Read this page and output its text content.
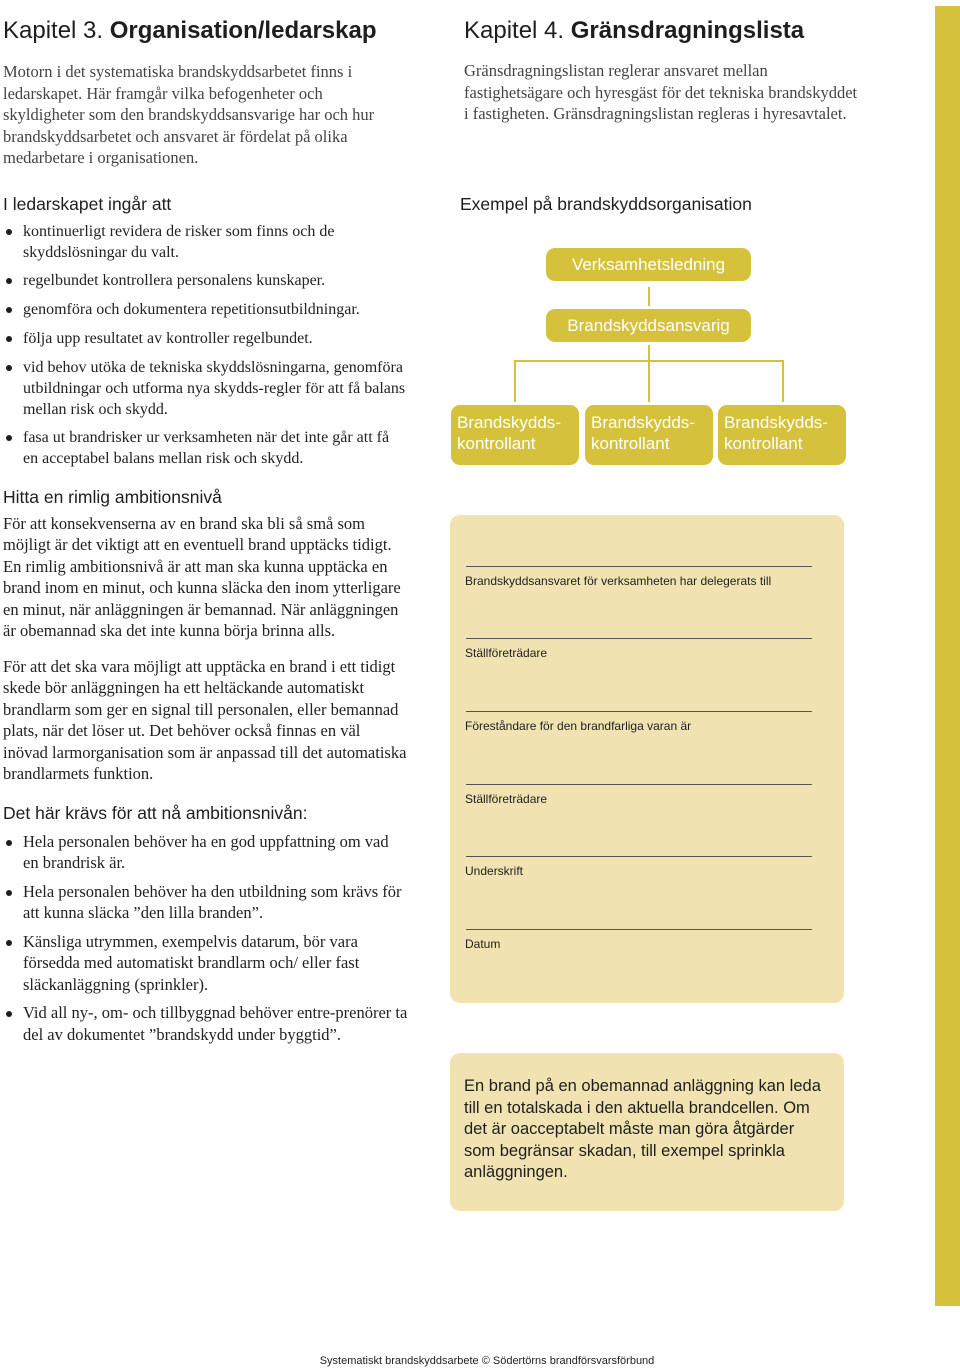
Kapitel 3. Organisation/ledarskap

Motorn i det systematiska brandskyddsarbetet finns i ledarskapet. Här framgår vilka befogenheter och skyldigheter som den brandskyddsansvarige har och hur brandskyddsarbetet och ansvaret är fördelat på olika medarbetare i organisationen.

I ledarskapet ingår att
kontinuerligt revidera de risker som finns och de skyddslösningar du valt.
regelbundet kontrollera personalens kunskaper.
genomföra och dokumentera repetitionsutbildningar.
följa upp resultatet av kontroller regelbundet.
vid behov utöka de tekniska skyddslösningarna, genomföra utbildningar och utforma nya skydds-regler för att få balans mellan risk och skydd.
fasa ut brandrisker ur verksamheten när det inte går att få en acceptabel balans mellan risk och skydd.
Hitta en rimlig ambitionsnivå

För att konsekvenserna av en brand ska bli så små som möjligt är det viktigt att en eventuell brand upptäcks tidigt. En rimlig ambitionsnivå är att man ska kunna upptäcka en brand inom en minut, och kunna släcka den inom ytterligare en minut, när anläggningen är bemannad. När anläggningen är obemannad ska det inte kunna börja brinna alls.

För att det ska vara möjligt att upptäcka en brand i ett tidigt skede bör anläggningen ha ett heltäckande automatiskt brandlarm som ger en signal till personalen, eller bemannad plats, när det löser ut. Det behöver också finnas en väl inövad larmorganisation som är anpassad till det automatiska brandlarmets funktion.

Det här krävs för att nå ambitionsnivån:
Hela personalen behöver ha en god uppfattning om vad en brandrisk är.
Hela personalen behöver ha den utbildning som krävs för att kunna släcka ”den lilla branden”.
Känsliga utrymmen, exempelvis datarum, bör vara försedda med automatiskt brandlarm och/ eller fast släckanläggning (sprinkler).
Vid all ny-, om- och tillbyggnad behöver entre-prenörer ta del av dokumentet ”brandskydd under byggtid”.
Kapitel 4. Gränsdragningslista

Gränsdragningslistan reglerar ansvaret mellan fastighetsägare och hyresgäst för det tekniska brandskyddet i fastigheten. Gränsdragningslistan regleras i hyresavtalet.

Exempel på brandskyddsorganisation
Verksamhetsledning
Brandskyddsansvarig
Brandskydds-
kontrollant
Brandskydds-
kontrollant
Brandskydds-
kontrollant
Brandskyddsansvaret för verksamheten har delegerats till
Ställföreträdare
Föreståndare för den brandfarliga varan är
Ställföreträdare
Underskrift
Datum
En brand på en obemannad anläggning kan leda till en totalskada i den aktuella brandcellen. Om det är oacceptabelt måste man göra åtgärder som begränsar skadan, till exempel sprinkla anläggningen.
Systematiskt brandskyddsarbete © Södertörns brandförsvarsförbund
